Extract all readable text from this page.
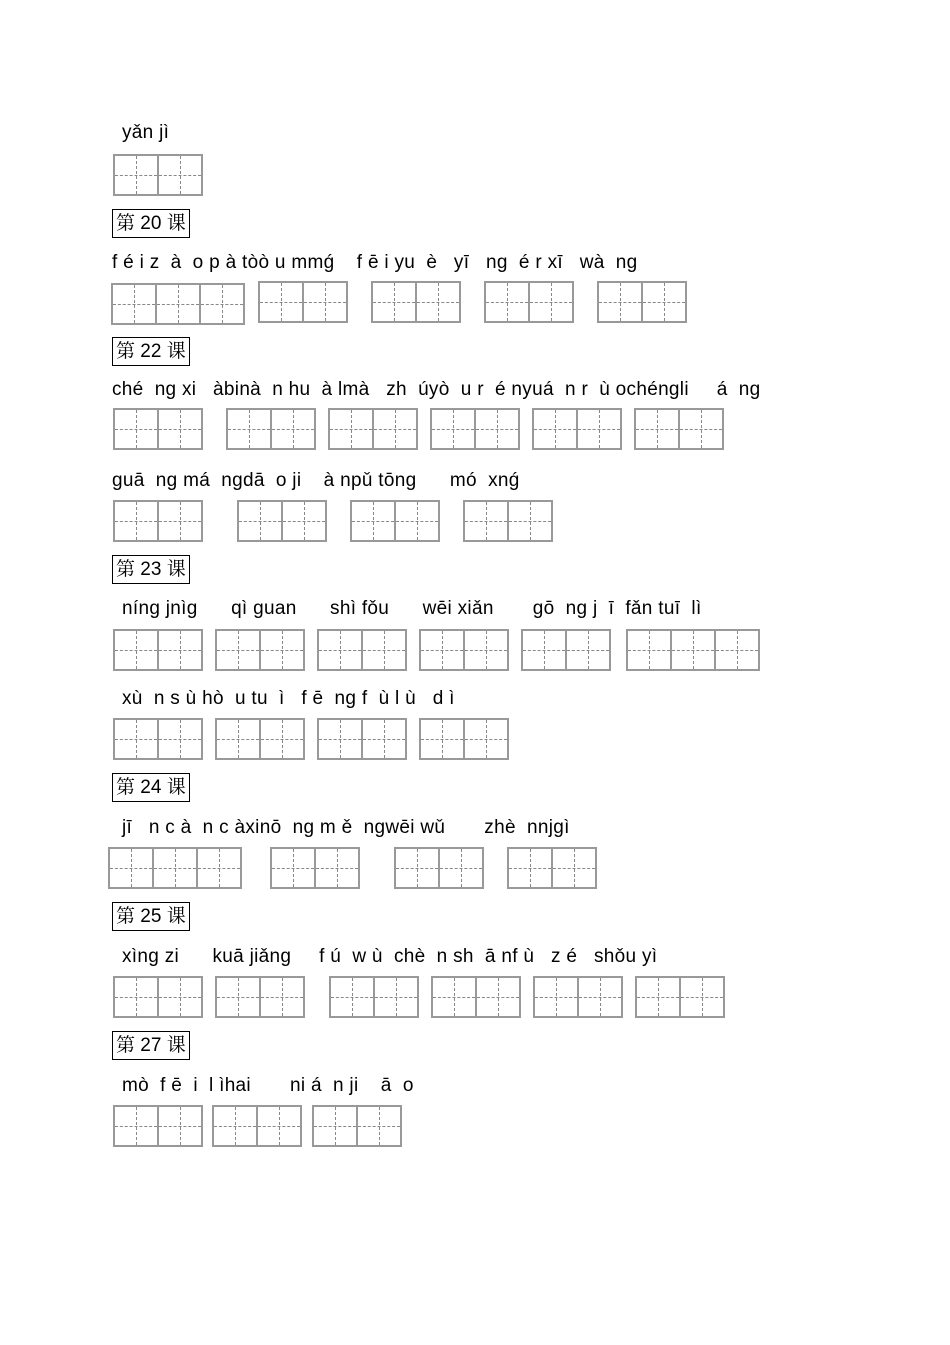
yǎn jì
第 20 课
f é i z  à  o p à tòò u mmǵ    f ē i yu  è   yī   ng  é r xī   wà  ng
第 22 课
ché  ng xi   àbinà  n hu  à lmà   zh  úyò  u r  é nyuá  n r  ù ochéngli     á  ng
guā  ng má  ngdā  o ji    à npǔ tōng      mó  xnǵ
第 23 课
níng jnìg      qì guan      shì fǒu      wēi xiǎn       gō  ng j  ī  fǎn tuī  lì
xù  n s ù hò  u tu  ì   f ē  ng f  ù l ù   d ì
第 24 课
jī   n c à  n c àxinō  ng m ě  ngwēi wǔ       zhè  nnjgì
第 25 课
xìng zi      kuā jiǎng     f ú  w ù  chè  n sh  ā nf ù   z é   shǒu yì
第 27 课
mò  f ē  i  l ìhai       ni á  n ji    ā  o
